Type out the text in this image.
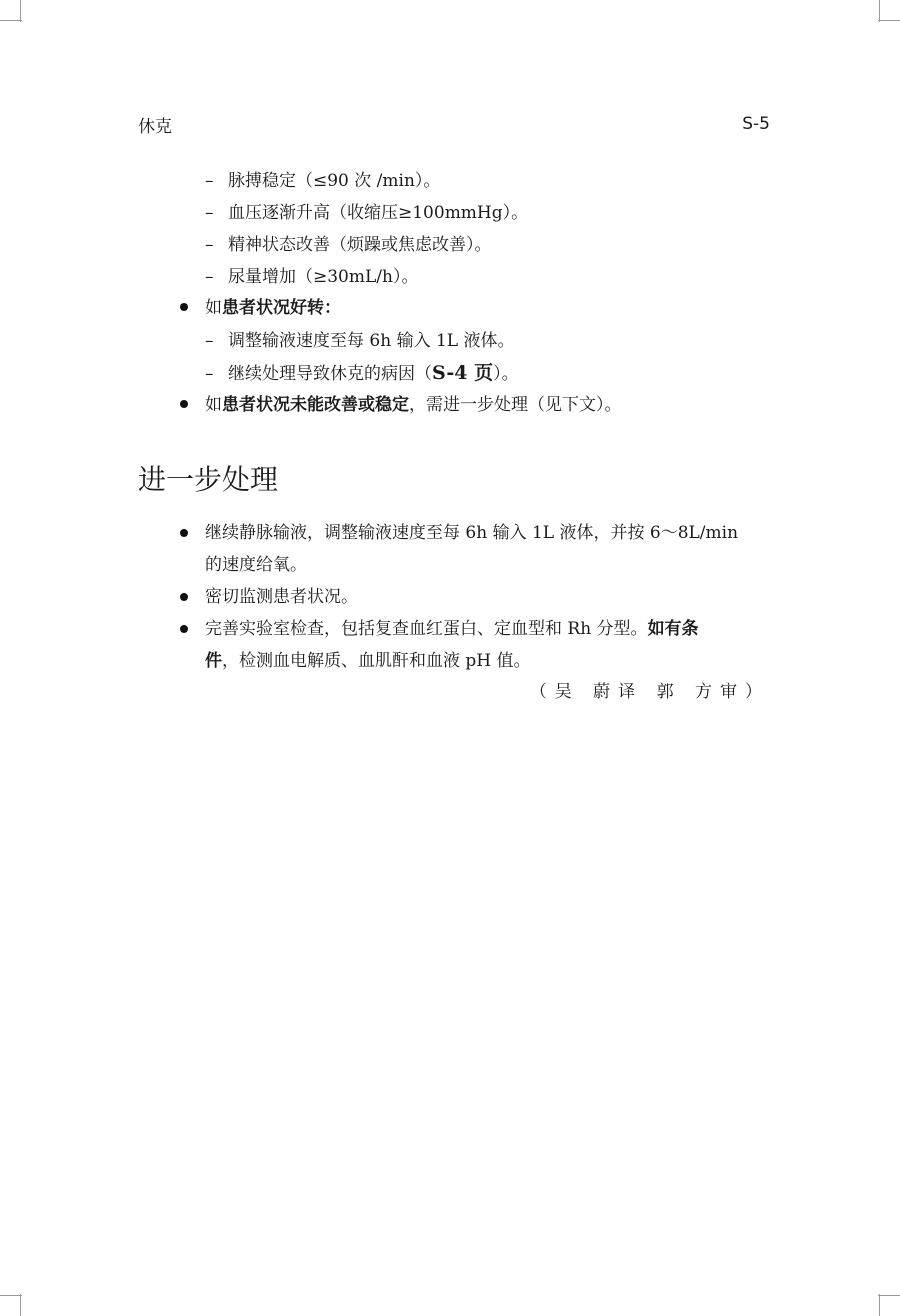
休克	S-5
– 脉搏稳定（≤90 次 /min）。
– 血压逐渐升高（收缩压≥100mmHg）。
– 精神状态改善（烦躁或焦虑改善）。
– 尿量增加（≥30mL/h）。
如患者状况好转：
– 调整输液速度至每 6h 输入 1L 液体。
– 继续处理导致休克的病因（S-4 页）。
如患者状况未能改善或稳定，需进一步处理（见下文）。
进一步处理
继续静脉输液，调整输液速度至每 6h 输入 1L 液体，并按 6～8L/min
的速度给氧。
密切监测患者状况。
完善实验室检查，包括复查血红蛋白、定血型和 Rh 分型。如有条
件，检测血电解质、血肌酐和血液 pH 值。
（吴 蔚译 郭 方审）
